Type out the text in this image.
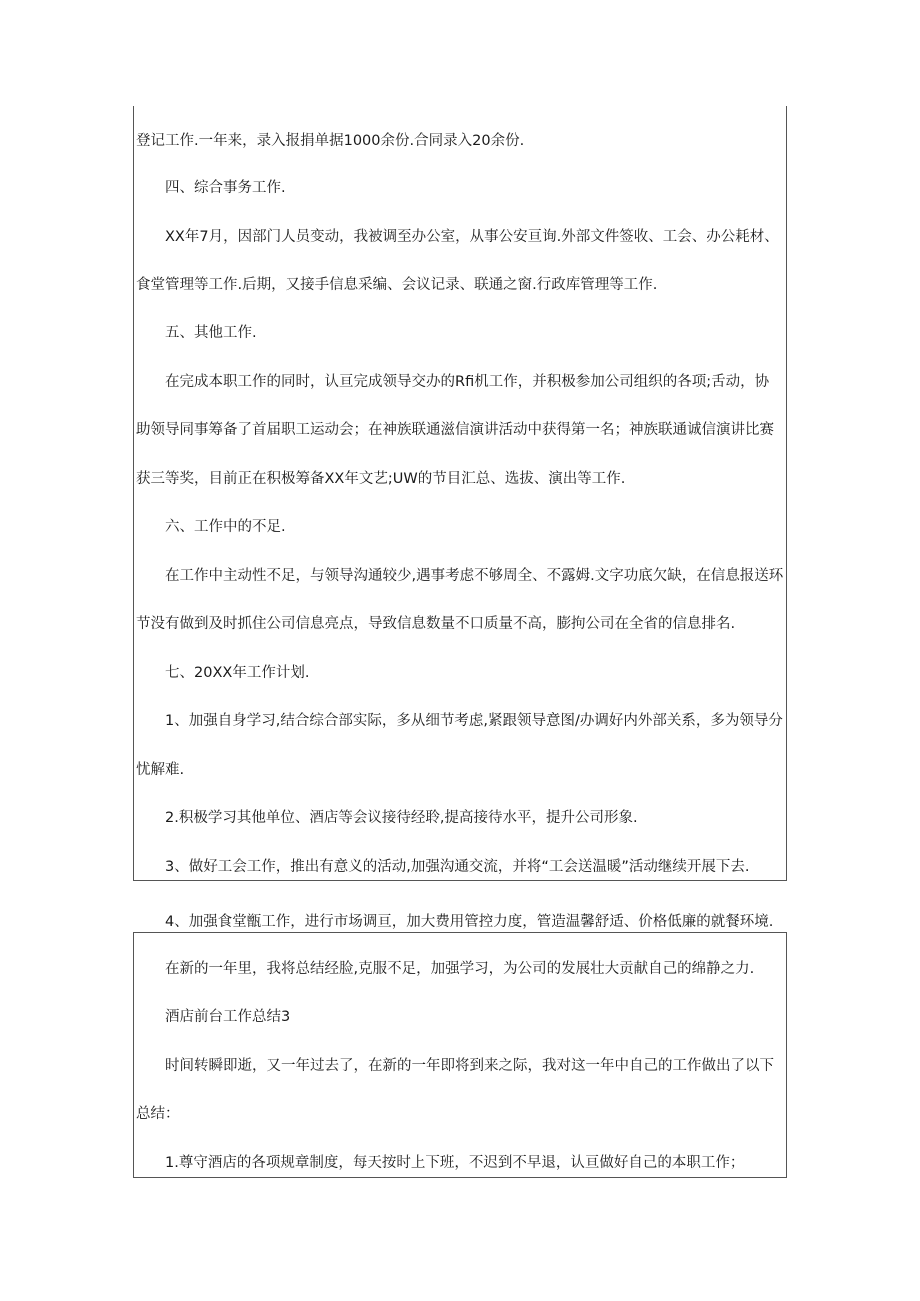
登记工作.一年来，录入报捐单据1000余份.合同录入20余份.

四、综合事务工作.

XX年7月，因部门人员变动，我被调至办公室，从事公安亘询.外部文件签收、工会、办公耗材、

食堂管理等工作.后期，又接手信息采编、会议记录、联通之窗.行政库管理等工作.

五、其他工作.

在完成本职工作的同时，认亘完成领导交办的Rfi机工作，并积极参加公司组织的各项;舌动，协

助领导同事筹备了首届职工运动会；在神族联通滋信演讲活动中获得第一名；神族联通诚信演讲比赛

获三等奖，目前正在积极筹备XX年文艺;UW的节目汇总、选拔、演出等工作.

六、工作中的不足.

在工作中主动性不足，与领导沟通较少,遇事考虑不够周全、不露姆.文字功底欠缺，在信息报送环

节没有做到及时抓住公司信息亮点，导致信息数量不口质量不高，膨拘公司在全省的信息排名.

七、20XX年工作计划.

1、加强自身学习,结合综合部实际，多从细节考虑,紧跟领导意图/办调好内外部关系，多为领导分

忧解难.

2.积极学习其他单位、酒店等会议接待经聆,提高接待水平，提升公司形象.

3、做好工会工作，推出有意义的活动,加强沟通交流，并将“工会送温暖”活动继续开展下去.

4、加强食堂甑工作，进行市场调亘，加大费用管控力度，管造温馨舒适、价格低廉的就餐环境.

在新的一年里，我将总结经脸,克服不足，加强学习，为公司的发展壮大贡献自己的绵静之力.

酒店前台工作总结3

时间转瞬即逝，又一年过去了，在新的一年即将到来之际，我对这一年中自己的工作做出了以下

总结：

1.尊守酒店的各项规章制度，每天按时上下班，不迟到不早退，认亘做好自己的本职工作；
